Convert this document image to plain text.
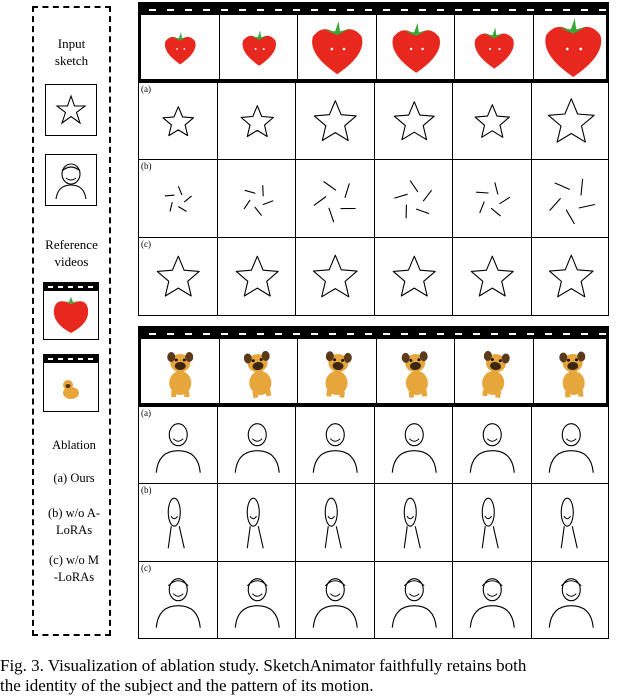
Input
sketch
Reference
videos
Ablation
(a) Ours
(b) w/o A-
LoRAs
(c) w/o M
-LoRAs
(a)
(b)
(c)
(a)
(b)
(c)
Fig. 3. Visualization of ablation study. SketchAnimator faithfully retains both
the identity of the subject and the pattern of its motion.
